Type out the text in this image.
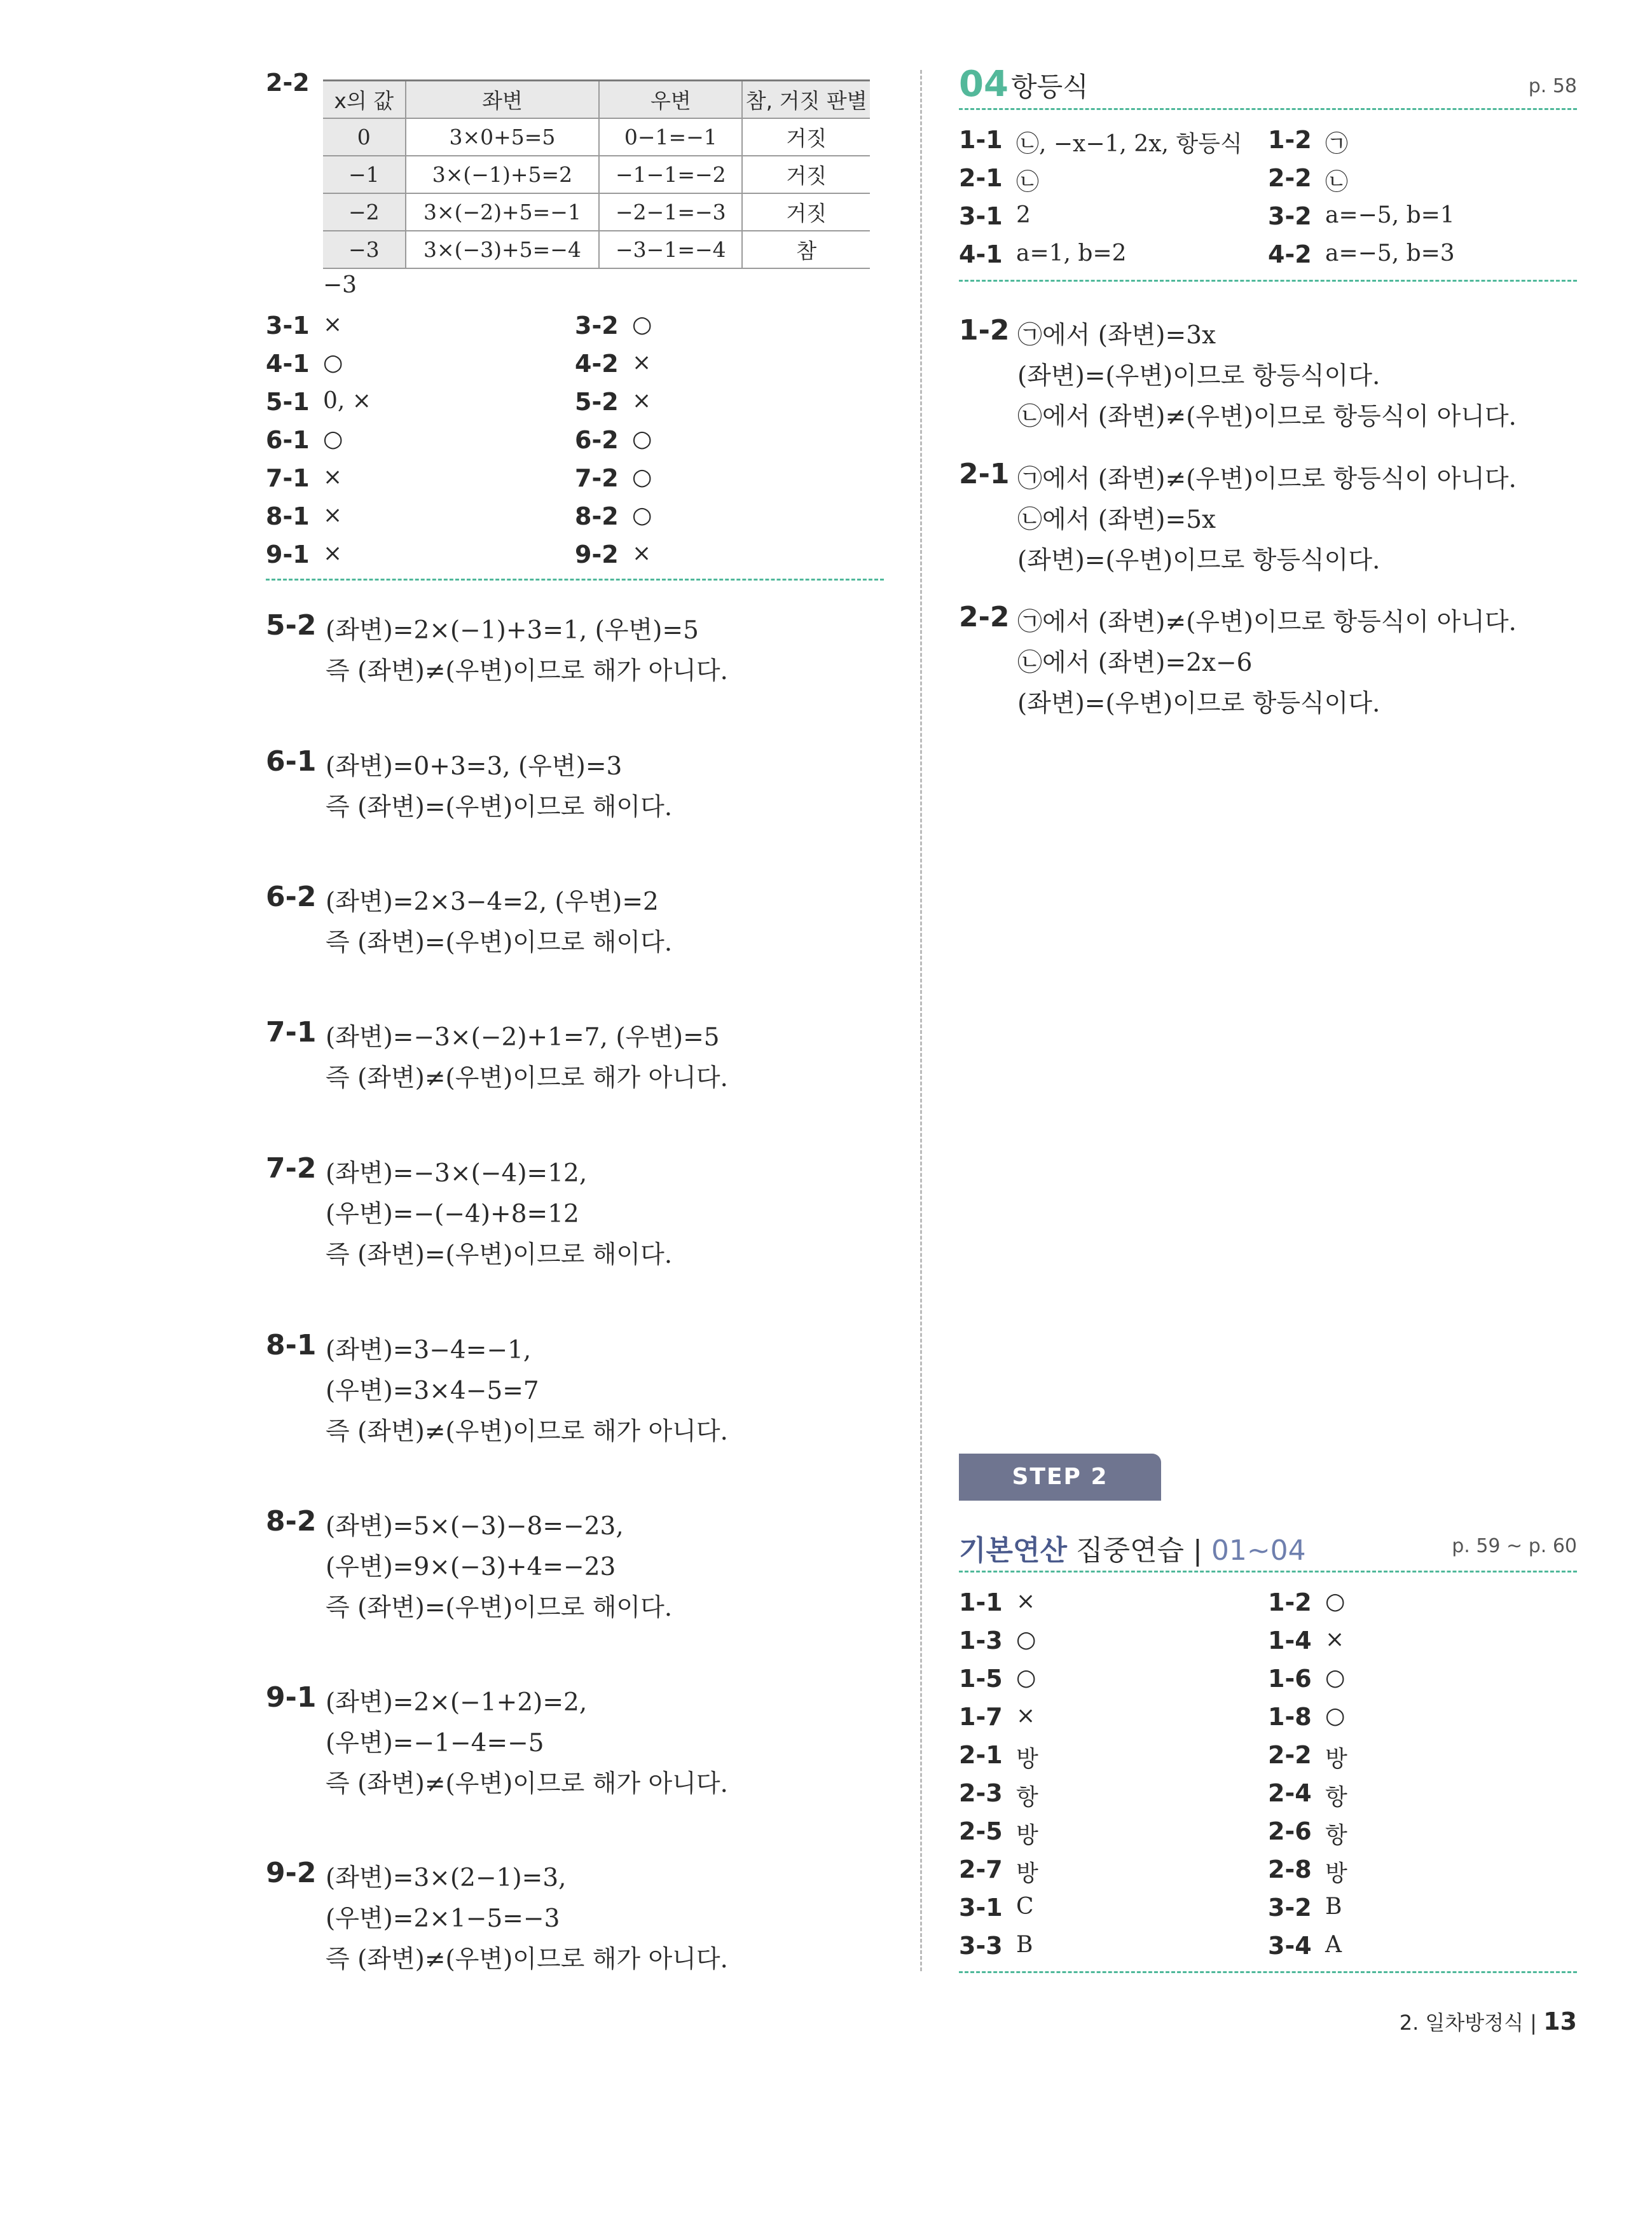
2-2
x의 값	좌변	우변	참, 거짓 판별
0	3×0+5=5	0−1=−1	거짓
−1	3×(−1)+5=2	−1−1=−2	거짓
−2	3×(−2)+5=−1	−2−1=−3	거짓
−3	3×(−3)+5=−4	−3−1=−4	참
−3
3-1 ×	3-2 ○
4-1 ○	4-2 ×
5-1 0, ×	5-2 ×
6-1 ○	6-2 ○
7-1 ×	7-2 ○
8-1 ×	8-2 ○
9-1 ×	9-2 ×
5-2 (좌변)=2×(−1)+3=1, (우변)=5
즉 (좌변)≠(우변)이므로 해가 아니다.
6-1 (좌변)=0+3=3, (우변)=3
즉 (좌변)=(우변)이므로 해이다.
6-2 (좌변)=2×3−4=2, (우변)=2
즉 (좌변)=(우변)이므로 해이다.
7-1 (좌변)=−3×(−2)+1=7, (우변)=5
즉 (좌변)≠(우변)이므로 해가 아니다.
7-2 (좌변)=−3×(−4)=12,
(우변)=−(−4)+8=12
즉 (좌변)=(우변)이므로 해이다.
8-1 (좌변)=3−4=−1,
(우변)=3×4−5=7
즉 (좌변)≠(우변)이므로 해가 아니다.
8-2 (좌변)=5×(−3)−8=−23,
(우변)=9×(−3)+4=−23
즉 (좌변)=(우변)이므로 해이다.
9-1 (좌변)=2×(−1+2)=2,
(우변)=−1−4=−5
즉 (좌변)≠(우변)이므로 해가 아니다.
9-2 (좌변)=3×(2−1)=3,
(우변)=2×1−5=−3
즉 (좌변)≠(우변)이므로 해가 아니다.
04 항등식	p. 58
1-1 ㉡, −x−1, 2x, 항등식 1-2 ㉠
2-1 ㉡	2-2 ㉡
3-1 2	3-2 a=−5, b=1
4-1 a=1, b=2	4-2 a=−5, b=3
1-2 ㉠에서 (좌변)=3x
(좌변)=(우변)이므로 항등식이다.
㉡에서 (좌변)≠(우변)이므로 항등식이 아니다.
2-1 ㉠에서 (좌변)≠(우변)이므로 항등식이 아니다.
㉡에서 (좌변)=5x
(좌변)=(우변)이므로 항등식이다.
2-2 ㉠에서 (좌변)≠(우변)이므로 항등식이 아니다.
㉡에서 (좌변)=2x−6
(좌변)=(우변)이므로 항등식이다.
STEP 2
기본연산 집중연습 | 01~04	p. 59 ~ p. 60
1-1 ×	1-2 ○
1-3 ○	1-4 ×
1-5 ○	1-6 ○
1-7 ×	1-8 ○
2-1 방	2-2 방
2-3 항	2-4 항
2-5 방	2-6 항
2-7 방	2-8 방
3-1 C	3-2 B
3-3 B	3-4 A
2. 일차방정식 | 13
